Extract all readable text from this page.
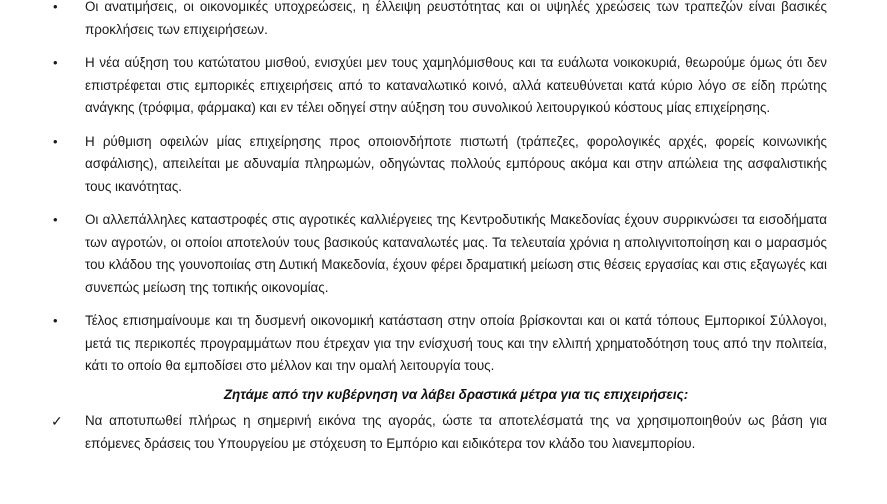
•	Οι ανατιμήσεις, οι οικονομικές υποχρεώσεις, η έλλειψη ρευστότητας και οι υψηλές χρεώσεις των τραπεζών είναι βασικές προκλήσεις των επιχειρήσεων.
•	Η νέα αύξηση του κατώτατου μισθού, ενισχύει μεν τους χαμηλόμισθους και τα ευάλωτα νοικοκυριά, θεωρούμε όμως ότι δεν επιστρέφεται στις εμπορικές επιχειρήσεις από το καταναλωτικό κοινό, αλλά κατευθύνεται κατά κύριο λόγο σε είδη πρώτης ανάγκης (τρόφιμα, φάρμακα) και εν τέλει οδηγεί στην αύξηση του συνολικού λειτουργικού κόστους μίας επιχείρησης.
•	Η ρύθμιση οφειλών μίας επιχείρησης προς οποιονδήποτε πιστωτή (τράπεζες, φορολογικές αρχές, φορείς κοινωνικής ασφάλισης), απειλείται με αδυναμία πληρωμών, οδηγώντας πολλούς εμπόρους ακόμα και στην απώλεια της ασφαλιστικής τους ικανότητας.
•	Οι αλλεπάλληλες καταστροφές στις αγροτικές καλλιέργειες της Κεντροδυτικής Μακεδονίας έχουν συρρικνώσει τα εισοδήματα των αγροτών, οι οποίοι αποτελούν τους βασικούς καταναλωτές μας. Τα τελευταία χρόνια η απολιγνιτοποίηση και ο μαρασμός του κλάδου της γουνοποιίας στη Δυτική Μακεδονία, έχουν φέρει δραματική μείωση στις θέσεις εργασίας και στις εξαγωγές και συνεπώς μείωση της τοπικής οικονομίας.
•	Τέλος επισημαίνουμε και τη δυσμενή οικονομική κατάσταση στην οποία βρίσκονται και οι κατά τόπους Εμπορικοί Σύλλογοι, μετά τις περικοπές προγραμμάτων που έτρεχαν για την ενίσχυσή τους και την ελλιπή χρηματοδότηση τους από την πολιτεία, κάτι το οποίο θα εμποδίσει στο μέλλον και την ομαλή λειτουργία τους.
Ζητάμε από την κυβέρνηση να λάβει δραστικά μέτρα για τις επιχειρήσεις:
✓	Να αποτυπωθεί πλήρως η σημερινή εικόνα της αγοράς, ώστε τα αποτελέσματά της να χρησιμοποιηθούν ως βάση για επόμενες δράσεις του Υπουργείου με στόχευση το Εμπόριο και ειδικότερα τον κλάδο του λιανεμπορίου.
